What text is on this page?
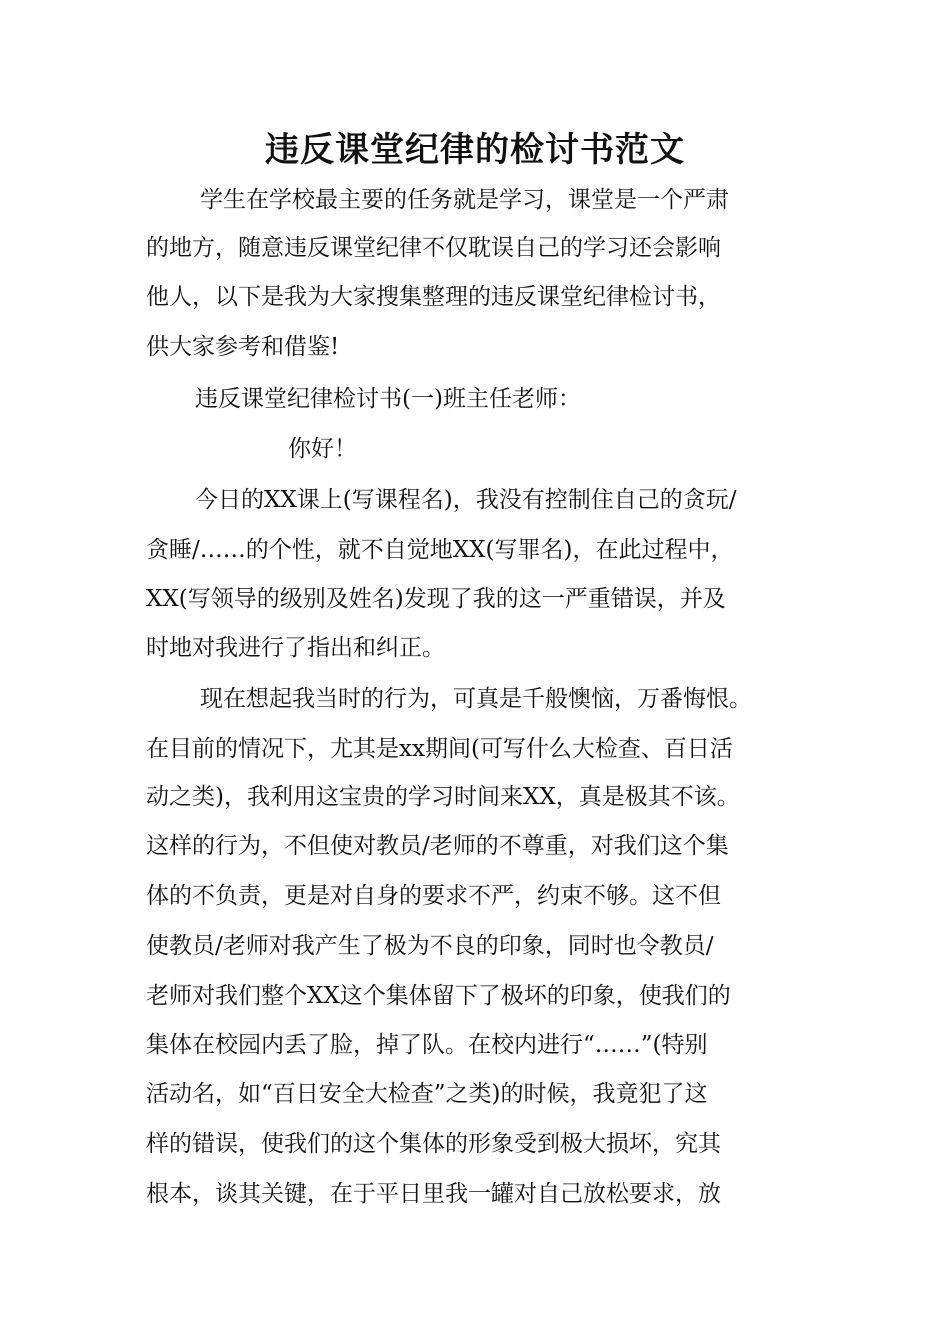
违反课堂纪律的检讨书范文

学生在学校最主要的任务就是学习，课堂是一个严肃

的地方，随意违反课堂纪律不仅耽误自己的学习还会影响

他人，以下是我为大家搜集整理的违反课堂纪律检讨书，

供大家参考和借鉴!

违反课堂纪律检讨书(一)班主任老师：

你好！

今日的XX课上(写课程名)，我没有控制住自己的贪玩/

贪睡/……的个性，就不自觉地XX(写罪名)，在此过程中，

XX(写领导的级别及姓名)发现了我的这一严重错误，并及

时地对我进行了指出和纠正。

现在想起我当时的行为，可真是千般懊恼，万番悔恨。

在目前的情况下，尤其是xx期间(可写什么大检查、百日活

动之类)，我利用这宝贵的学习时间来XX，真是极其不该。

这样的行为，不但使对教员/老师的不尊重，对我们这个集

体的不负责，更是对自身的要求不严，约束不够。这不但

使教员/老师对我产生了极为不良的印象，同时也令教员/

老师对我们整个XX这个集体留下了极坏的印象，使我们的

集体在校园内丢了脸，掉了队。在校内进行“……”(特别

活动名，如“百日安全大检查”之类)的时候，我竟犯了这

样的错误，使我们的这个集体的形象受到极大损坏，究其

根本，谈其关键，在于平日里我一罐对自己放松要求，放
